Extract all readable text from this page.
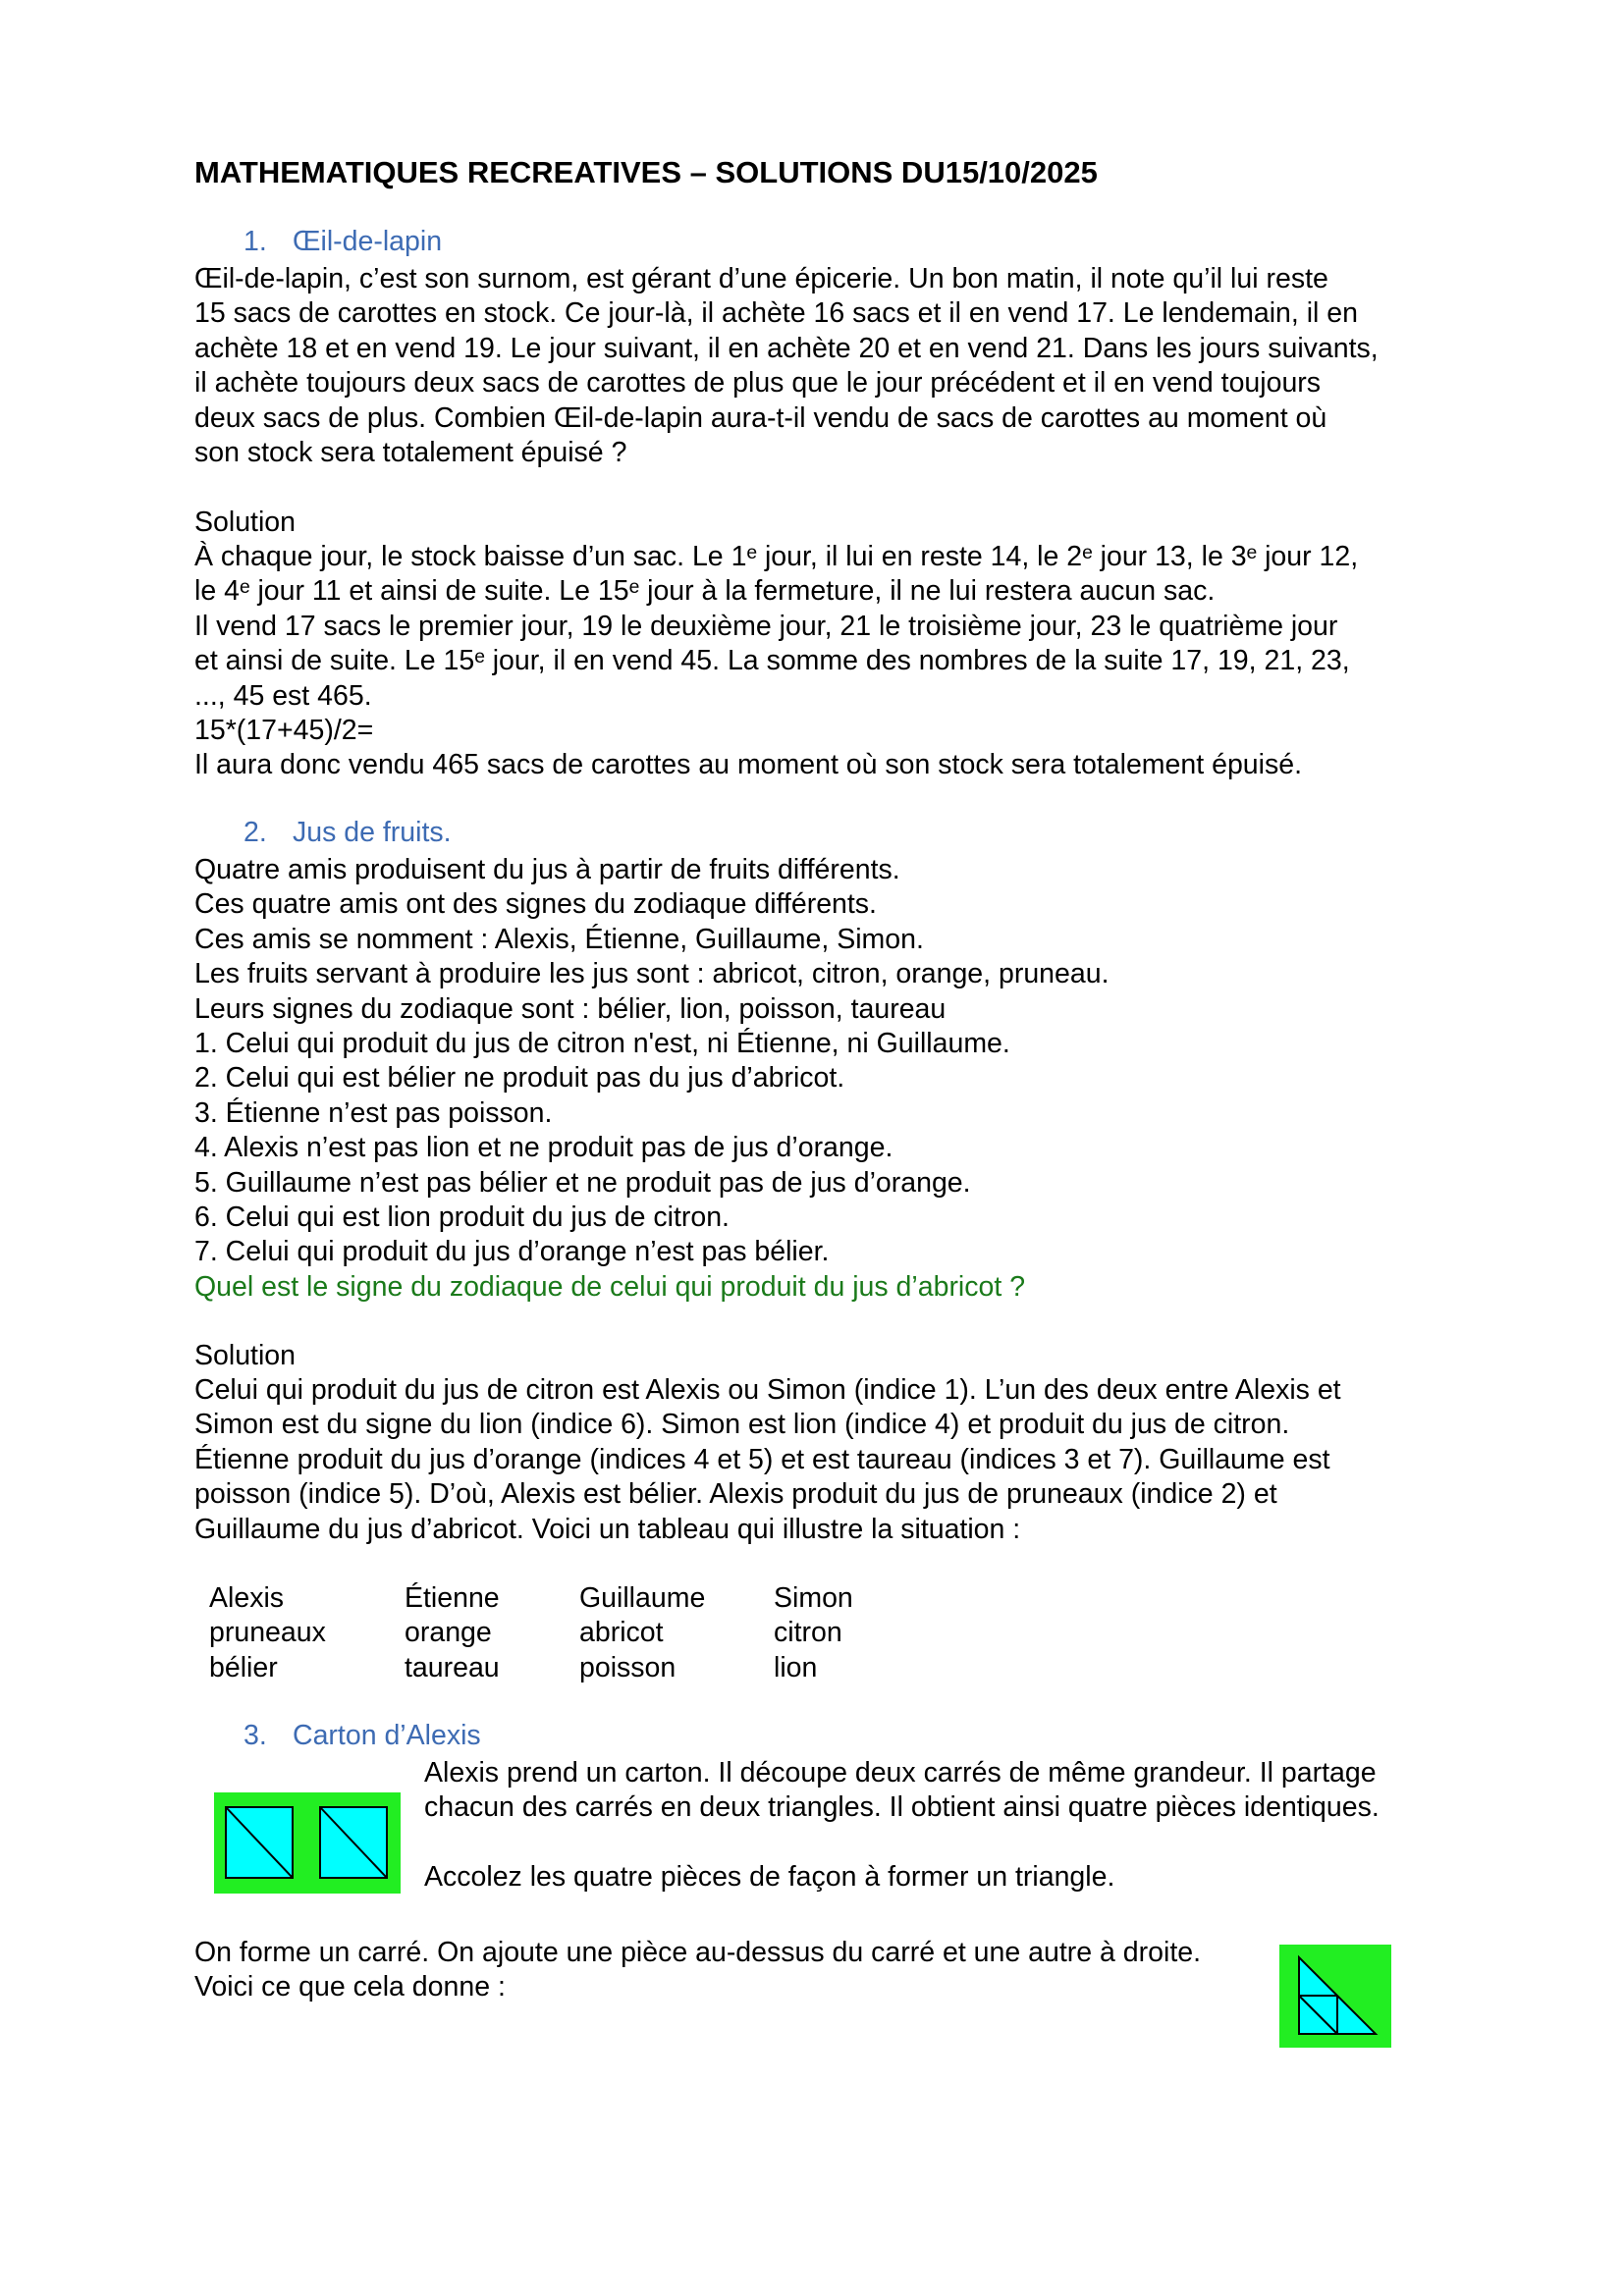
MATHEMATIQUES RECREATIVES – SOLUTIONS DU15/10/2025
1. Œil-de-lapin

Œil-de-lapin, c’est son surnom, est gérant d’une épicerie. Un bon matin, il note qu’il lui reste

15 sacs de carottes en stock. Ce jour-là, il achète 16 sacs et il en vend 17. Le lendemain, il en

achète 18 et en vend 19. Le jour suivant, il en achète 20 et en vend 21. Dans les jours suivants,

il achète toujours deux sacs de carottes de plus que le jour précédent et il en vend toujours

deux sacs de plus. Combien Œil-de-lapin aura-t-il vendu de sacs de carottes au moment où

son stock sera totalement épuisé ?

Solution

À chaque jour, le stock baisse d’un sac. Le 1ᵉ jour, il lui en reste 14, le 2ᵉ jour 13, le 3ᵉ jour 12,

le 4ᵉ jour 11 et ainsi de suite. Le 15ᵉ jour à la fermeture, il ne lui restera aucun sac.

Il vend 17 sacs le premier jour, 19 le deuxième jour, 21 le troisième jour, 23 le quatrième jour

et ainsi de suite. Le 15ᵉ jour, il en vend 45. La somme des nombres de la suite 17, 19, 21, 23,

..., 45 est 465.

15*(17+45)/2=

Il aura donc vendu 465 sacs de carottes au moment où son stock sera totalement épuisé.

2. Jus de fruits.

Quatre amis produisent du jus à partir de fruits différents.

Ces quatre amis ont des signes du zodiaque différents.

Ces amis se nomment : Alexis, Étienne, Guillaume, Simon.

Les fruits servant à produire les jus sont : abricot, citron, orange, pruneau.

Leurs signes du zodiaque sont : bélier, lion, poisson, taureau

1. Celui qui produit du jus de citron n'est, ni Étienne, ni Guillaume.

2. Celui qui est bélier ne produit pas du jus d’abricot.

3. Étienne n’est pas poisson.

4. Alexis n’est pas lion et ne produit pas de jus d’orange.

5. Guillaume n’est pas bélier et ne produit pas de jus d’orange.

6. Celui qui est lion produit du jus de citron.

7. Celui qui produit du jus d’orange n’est pas bélier.

Quel est le signe du zodiaque de celui qui produit du jus d’abricot ?

Solution

Celui qui produit du jus de citron est Alexis ou Simon (indice 1). L’un des deux entre Alexis et

Simon est du signe du lion (indice 6). Simon est lion (indice 4) et produit du jus de citron.

Étienne produit du jus d’orange (indices 4 et 5) et est taureau (indices 3 et 7). Guillaume est

poisson (indice 5). D’où, Alexis est bélier. Alexis produit du jus de pruneaux (indice 2) et

Guillaume du jus d’abricot. Voici un tableau qui illustre la situation :

Alexis	Étienne	Guillaume	Simon
pruneaux	orange	abricot	citron
bélier	taureau	poisson	lion
3. Carton d’Alexis

Alexis prend un carton. Il découpe deux carrés de même grandeur. Il partage

chacun des carrés en deux triangles. Il obtient ainsi quatre pièces identiques.

Accolez les quatre pièces de façon à former un triangle.

On forme un carré. On ajoute une pièce au-dessus du carré et une autre à droite.

Voici ce que cela donne :
